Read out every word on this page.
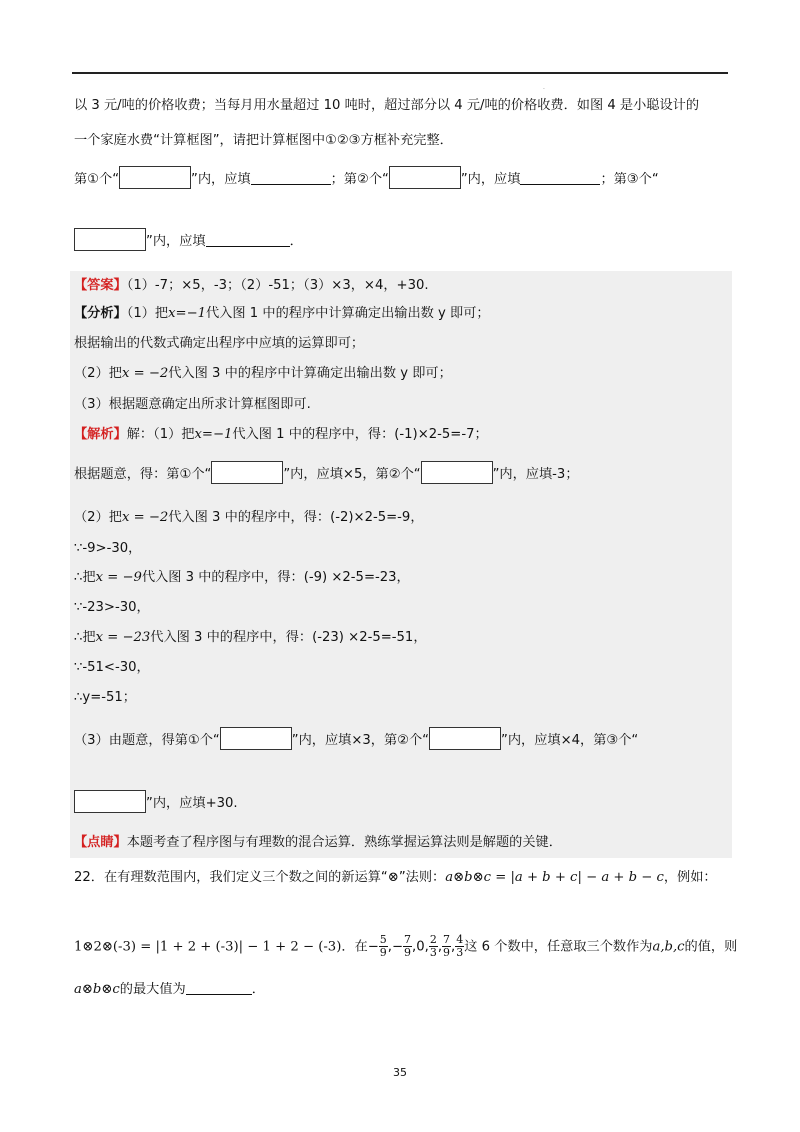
.
以 3 元/吨的价格收费；当每月用水量超过 10 吨时，超过部分以 4 元/吨的价格收费．如图 4 是小聪设计的
一个家庭水费“计算框图”，请把计算框图中①②③方框补充完整．
第①个“	”内，应填	；第②个“	”内，应填	；第③个“
”内，应填	．
【答案】（1）-7；×5，-3；（2）-51；（3）×3，×4，+30.
【分析】（1）把x=−1代入图 1 中的程序中计算确定出输出数 y 即可；
根据输出的代数式确定出程序中应填的运算即可；
（2）把x = −2代入图 3 中的程序中计算确定出输出数 y 即可；
（3）根据题意确定出所求计算框图即可.
【解析】解：（1）把x=−1代入图 1 中的程序中，得：(-1)×2-5=-7；
根据题意，得：第①个“	”内，应填×5，第②个“	”内，应填-3；
（2）把x = −2代入图 3 中的程序中，得：(-2)×2-5=-9，
∵-9>-30，
∴把x = −9代入图 3 中的程序中，得：(-9) ×2-5=-23，
∵-23>-30，
∴把x = −23代入图 3 中的程序中，得：(-23) ×2-5=-51，
∵-51<-30，
∴y=-51；
（3）由题意，得第①个“	”内，应填×3，第②个“	”内，应填×4，第③个“
”内，应填+30.
【点睛】本题考查了程序图与有理数的混合运算．熟练掌握运算法则是解题的关键．
22．在有理数范围内，我们定义三个数之间的新运算“⊗”法则：a⊗b⊗c = |a + b + c| − a + b − c，例如：
1⊗2⊗(-3) = |1 + 2 + (-3)| − 1 + 2 − (-3)．在− $\frac{5}{9}$ ,− $\frac{7}{9} ,0$, $\frac{2}{3}$ , $\frac{7}{9}$ , $\frac{4}{3}$ 这 6 个数中，任意取三个数作为a,b,c的值，则
a⊗b⊗c的最大值为	．
35
